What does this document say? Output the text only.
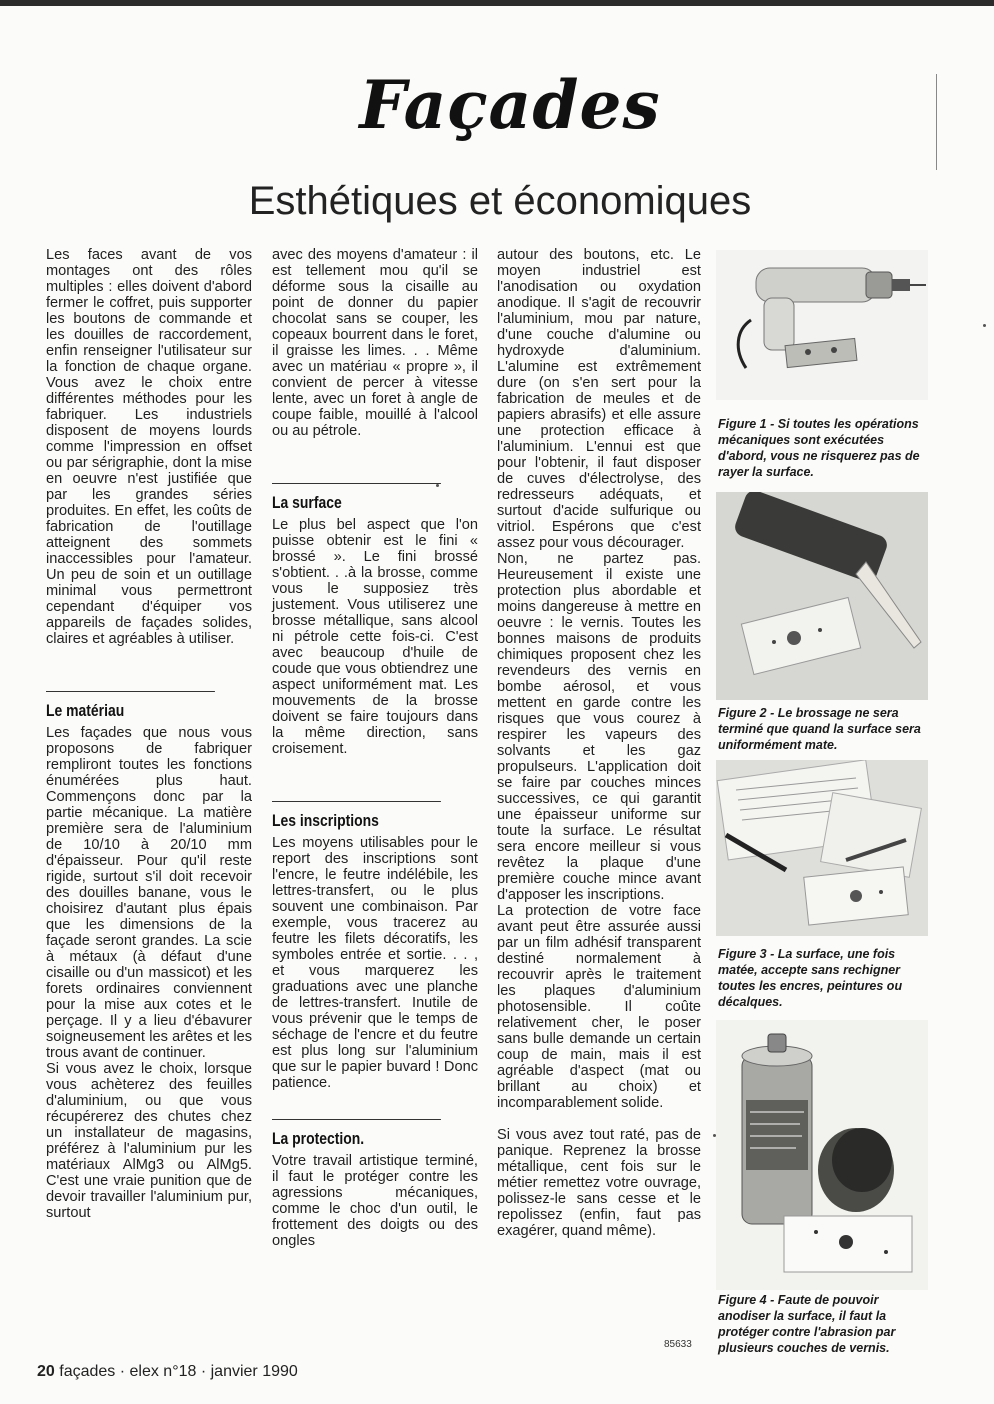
Façades
Esthétiques et économiques

Les faces avant de vos montages ont des rôles multiples : elles doivent d'abord fermer le coffret, puis supporter les boutons de commande et les douilles de raccordement, enfin renseigner l'utilisateur sur la fonction de chaque organe. Vous avez le choix entre différentes méthodes pour les fabriquer. Les industriels disposent de moyens lourds comme l'impression en offset ou par sérigraphie, dont la mise en oeuvre n'est justifiée que par les grandes séries produites. En effet, les coûts de fabrication de l'outillage atteignent des sommets inaccessibles pour l'amateur. Un peu de soin et un outillage minimal vous permettront cependant d'équiper vos appareils de façades solides, claires et agréables à utiliser.

Le matériau

Les façades que nous vous proposons de fabriquer rempliront toutes les fonctions énumérées plus haut. Commençons donc par la partie mécanique. La matière première sera de l'aluminium de 10/10 à 20/10 mm d'épaisseur. Pour qu'il reste rigide, surtout s'il doit recevoir des douilles banane, vous le choisirez d'autant plus épais que les dimensions de la façade seront grandes. La scie à métaux (à défaut d'une cisaille ou d'un massicot) et les forets ordinaires conviennent pour la mise aux cotes et le perçage. Il y a lieu d'ébavurer soigneusement les arêtes et les trous avant de continuer.

Si vous avez le choix, lorsque vous achèterez des feuilles d'aluminium, ou que vous récupérerez des chutes chez un installateur de magasins, préférez à l'aluminium pur les matériaux AlMg3 ou AlMg5. C'est une vraie punition que de devoir travailler l'aluminium pur, surtout

avec des moyens d'amateur : il est tellement mou qu'il se déforme sous la cisaille au point de donner du papier chocolat sans se couper, les copeaux bourrent dans le foret, il graisse les limes. . . Même avec un matériau « propre », il convient de percer à vitesse lente, avec un foret à angle de coupe faible, mouillé à l'alcool ou au pétrole.

La surface

Le plus bel aspect que l'on puisse obtenir est le fini « brossé ». Le fini brossé s'obtient. . .à la brosse, comme vous le supposiez très justement. Vous utiliserez une brosse métallique, sans alcool ni pétrole cette fois-ci. C'est avec beaucoup d'huile de coude que vous obtiendrez une aspect uniformément mat. Les mouvements de la brosse doivent se faire toujours dans la même direction, sans croisement.

Les inscriptions

Les moyens utilisables pour le report des inscriptions sont l'encre, le feutre indélébile, les lettres-transfert, ou le plus souvent une combinaison. Par exemple, vous tracerez au feutre les filets décoratifs, les symboles entrée et sortie. . . , et vous marquerez les graduations avec une planche de lettres-transfert. Inutile de vous prévenir que le temps de séchage de l'encre et du feutre est plus long sur l'aluminium que sur le papier buvard ! Donc patience.

La protection.

Votre travail artistique terminé, il faut le protéger contre les agressions mécaniques, comme le choc d'un outil, le frottement des doigts ou des ongles

autour des boutons, etc. Le moyen industriel est l'anodisation ou oxydation anodique. Il s'agit de recouvrir l'aluminium, mou par nature, d'une couche d'alumine ou hydroxyde d'aluminium. L'alumine est extrêmement dure (on s'en sert pour la fabrication de meules et de papiers abrasifs) et elle assure une protection efficace à l'aluminium. L'ennui est que pour l'obtenir, il faut disposer de cuves d'électrolyse, des redresseurs adéquats, et surtout d'acide sulfurique ou vitriol. Espérons que c'est assez pour vous décourager.

Non, ne partez pas. Heureusement il existe une protection plus abordable et moins dangereuse à mettre en oeuvre : le vernis. Toutes les bonnes maisons de produits chimiques proposent chez les revendeurs des vernis en bombe aérosol, et vous mettent en garde contre les risques que vous courez à respirer les vapeurs des solvants et les gaz propulseurs. L'application doit se faire par couches minces successives, ce qui garantit une épaisseur uniforme sur toute la surface. Le résultat sera encore meilleur si vous revêtez la plaque d'une première couche mince avant d'apposer les inscriptions.

La protection de votre face avant peut être assurée aussi par un film adhésif transparent destiné normalement à recouvrir après le traitement les plaques d'aluminium photosensible. Il coûte relativement cher, le poser sans bulle demande un certain coup de main, mais il est agréable d'aspect (mat ou brillant au choix) et incomparablement solide.

Si vous avez tout raté, pas de panique. Reprenez la brosse métallique, cent fois sur le métier remettez votre ouvrage, polissez-le sans cesse et le repolissez (enfin, faut pas exagérer, quand même).

85633
Figure 1 - Si toutes les opérations mécaniques sont exécutées d'abord, vous ne risquerez pas de rayer la surface.
Figure 2 - Le brossage ne sera terminé que quand la surface sera uniformément mate.
Figure 3 - La surface, une fois matée, accepte sans rechigner toutes les encres, peintures ou décalques.
Figure 4 - Faute de pouvoir anodiser la surface, il faut la protéger contre l'abrasion par plusieurs couches de vernis.
20 façades · elex n°18 · janvier 1990
